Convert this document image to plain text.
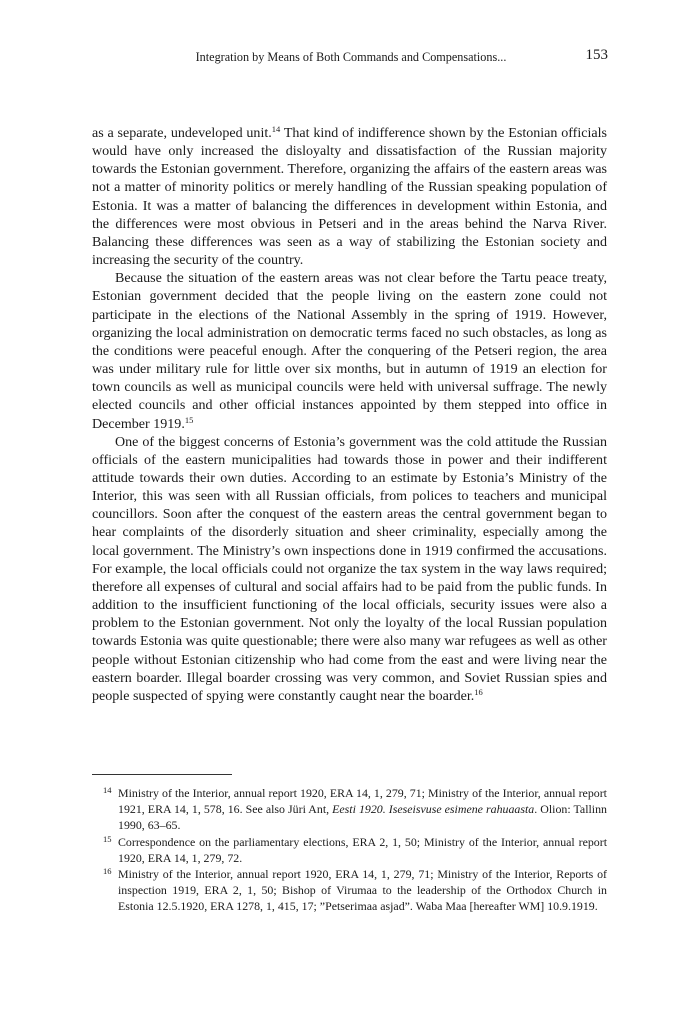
Integration by Means of Both Commands and Compensations...	153

as a separate, undeveloped unit.$^{14}$ That kind of indifference shown by the Estonian officials would have only increased the disloyalty and dissatisfaction of the Russian majority towards the Estonian government. Therefore, organizing the affairs of the eastern areas was not a matter of minority politics or merely handling of the Russian speaking population of Estonia. It was a matter of balancing the differences in development within Estonia, and the differences were most obvious in Petseri and in the areas behind the Narva River. Balancing these differences was seen as a way of stabilizing the Estonian society and increasing the security of the country.

Because the situation of the eastern areas was not clear before the Tartu peace treaty, Estonian government decided that the people living on the eastern zone could not participate in the elections of the National Assembly in the spring of 1919. However, organizing the local administration on democratic terms faced no such obstacles, as long as the conditions were peaceful enough. After the conquering of the Petseri region, the area was under military rule for little over six months, but in autumn of 1919 an election for town councils as well as municipal councils were held with universal suffrage. The newly elected councils and other official instances appointed by them stepped into office in December 1919.15

One of the biggest concerns of Estonia’s government was the cold attitude the Russian officials of the eastern municipalities had towards those in power and their indifferent attitude towards their own duties. According to an estimate by Estonia’s Ministry of the Interior, this was seen with all Russian officials, from polices to teachers and municipal councillors. Soon after the conquest of the eastern areas the central government began to hear complaints of the disorderly situation and sheer criminality, especially among the local government. The Ministry’s own inspections done in 1919 confirmed the accusations. For example, the local officials could not organize the tax system in the way laws required; therefore all expenses of cultural and social affairs had to be paid from the public funds. In addition to the insufficient functioning of the local officials, security issues were also a problem to the Estonian government. Not only the loyalty of the local Russian population towards Estonia was quite questionable; there were also many war refugees as well as other people without Estonian citizenship who had come from the east and were living near the eastern boarder. Illegal boarder crossing was very common, and Soviet Russian spies and people suspected of spying were constantly caught near the boarder.$^{16}$

14 Ministry of the Interior, annual report 1920, ERA 14, 1, 279, 71; Ministry of the Interior, annual report 1921, ERA 14, 1, 578, 16. See also Jüri Ant, Eesti 1920. Iseseisvuse esimene rahuaasta. Olion: Tallinn 1990, 63–65.

15 Correspondence on the parliamentary elections, ERA 2, 1, 50; Ministry of the Interior, annual report 1920, ERA 14, 1, 279, 72.

16 Ministry of the Interior, annual report 1920, ERA 14, 1, 279, 71; Ministry of the Interior, Reports of inspection 1919, ERA 2, 1, 50; Bishop of Virumaa to the leadership of the Orthodox Church in Estonia 12.5.1920, ERA 1278, 1, 415, 17; ”Petserimaa asjad”. Waba Maa [hereafter WM] 10.9.1919.
